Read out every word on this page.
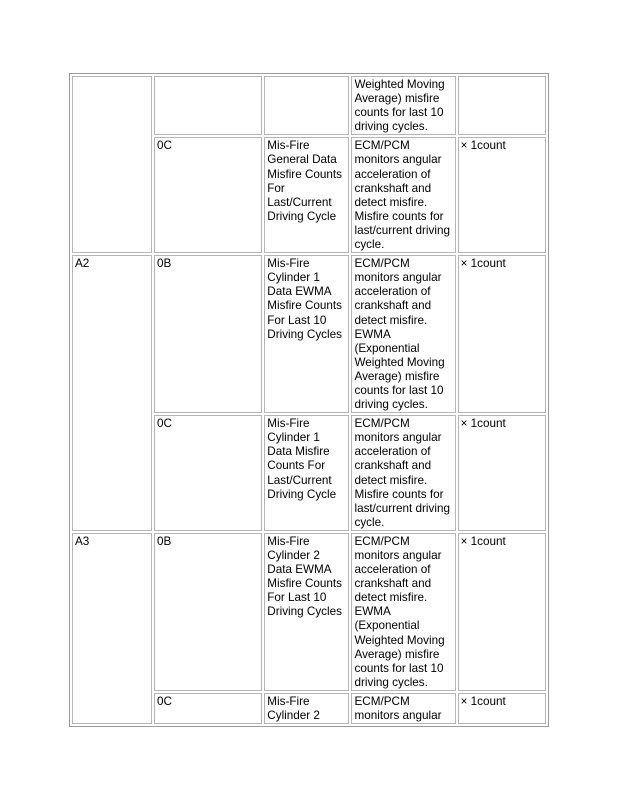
			Weighted Moving Average) misfire counts for last 10 driving cycles.	

	0C	Mis-Fire General Data Misfire Counts For Last/Current Driving Cycle	ECM/PCM monitors angular acceleration of crankshaft and detect misfire. Misfire counts for last/current driving cycle.	× 1count

A2	0B	Mis-Fire Cylinder 1 Data EWMA Misfire Counts For Last 10 Driving Cycles	ECM/PCM monitors angular acceleration of crankshaft and detect misfire. EWMA (Exponential Weighted Moving Average) misfire counts for last 10 driving cycles.	× 1count

	0C	Mis-Fire Cylinder 1 Data Misfire Counts For Last/Current Driving Cycle	ECM/PCM monitors angular acceleration of crankshaft and detect misfire. Misfire counts for last/current driving cycle.	× 1count

A3	0B	Mis-Fire Cylinder 2 Data EWMA Misfire Counts For Last 10 Driving Cycles	ECM/PCM monitors angular acceleration of crankshaft and detect misfire. EWMA (Exponential Weighted Moving Average) misfire counts for last 10 driving cycles.	× 1count

	0C	Mis-Fire Cylinder 2	ECM/PCM monitors angular	× 1count
